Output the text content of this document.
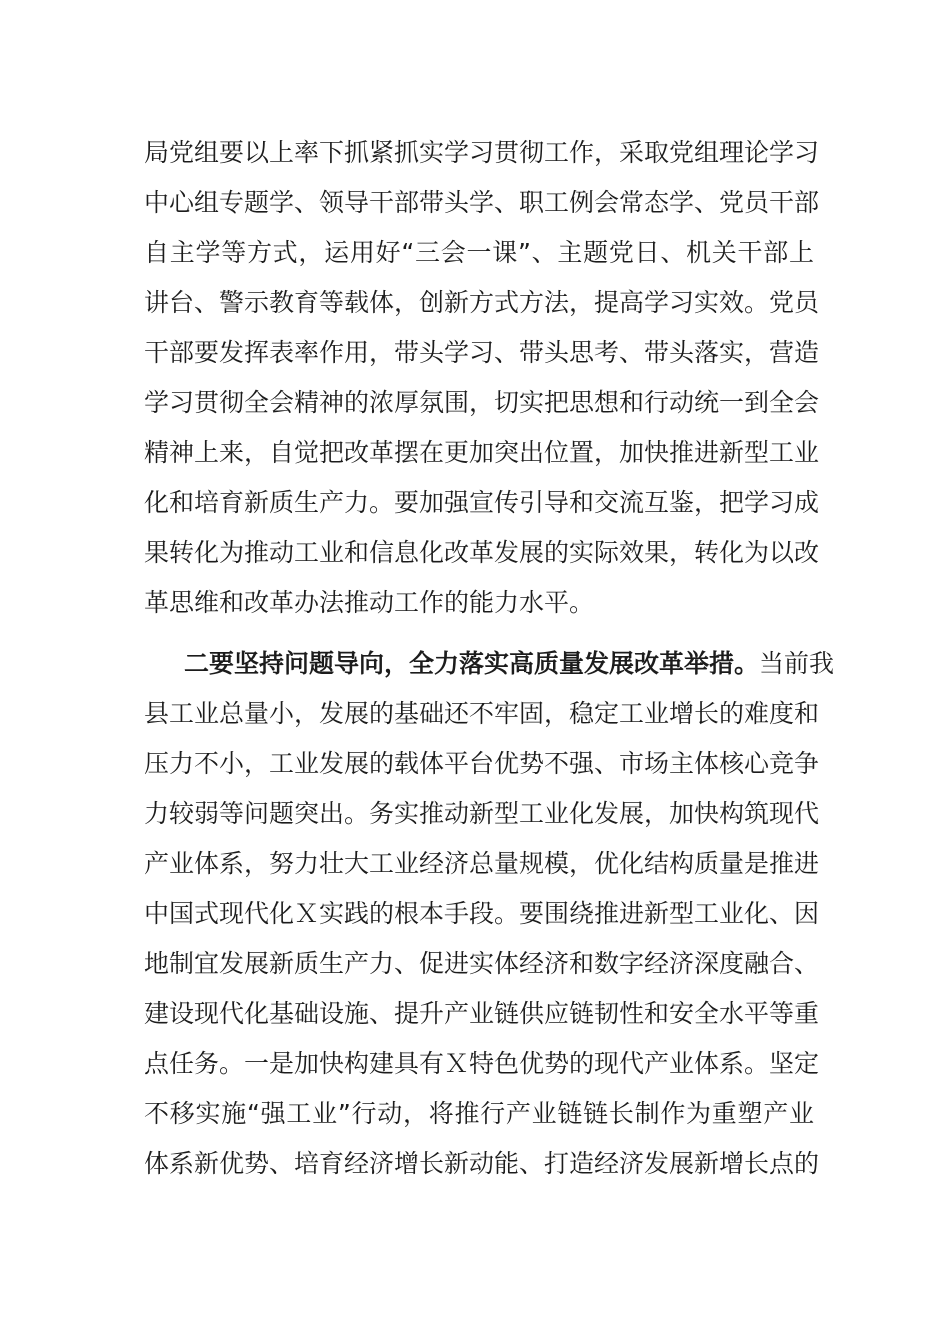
局党组要以上率下抓紧抓实学习贯彻工作，采取党组理论学习
中心组专题学、领导干部带头学、职工例会常态学、党员干部
自主学等方式，运用好“三会一课”、主题党日、机关干部上
讲台、警示教育等载体，创新方式方法，提高学习实效。党员
干部要发挥表率作用，带头学习、带头思考、带头落实，营造
学习贯彻全会精神的浓厚氛围，切实把思想和行动统一到全会
精神上来，自觉把改革摆在更加突出位置，加快推进新型工业
化和培育新质生产力。要加强宣传引导和交流互鉴，把学习成
果转化为推动工业和信息化改革发展的实际效果，转化为以改
革思维和改革办法推动工作的能力水平。
二要坚持问题导向，全力落实高质量发展改革举措。当前我
县工业总量小，发展的基础还不牢固，稳定工业增长的难度和
压力不小，工业发展的载体平台优势不强、市场主体核心竞争
力较弱等问题突出。务实推动新型工业化发展，加快构筑现代
产业体系，努力壮大工业经济总量规模，优化结构质量是推进
中国式现代化Ｘ实践的根本手段。要围绕推进新型工业化、因
地制宜发展新质生产力、促进实体经济和数字经济深度融合、
建设现代化基础设施、提升产业链供应链韧性和安全水平等重
点任务。一是加快构建具有Ｘ特色优势的现代产业体系。坚定
不移实施“强工业”行动，将推行产业链链长制作为重塑产业
体系新优势、培育经济增长新动能、打造经济发展新增长点的
